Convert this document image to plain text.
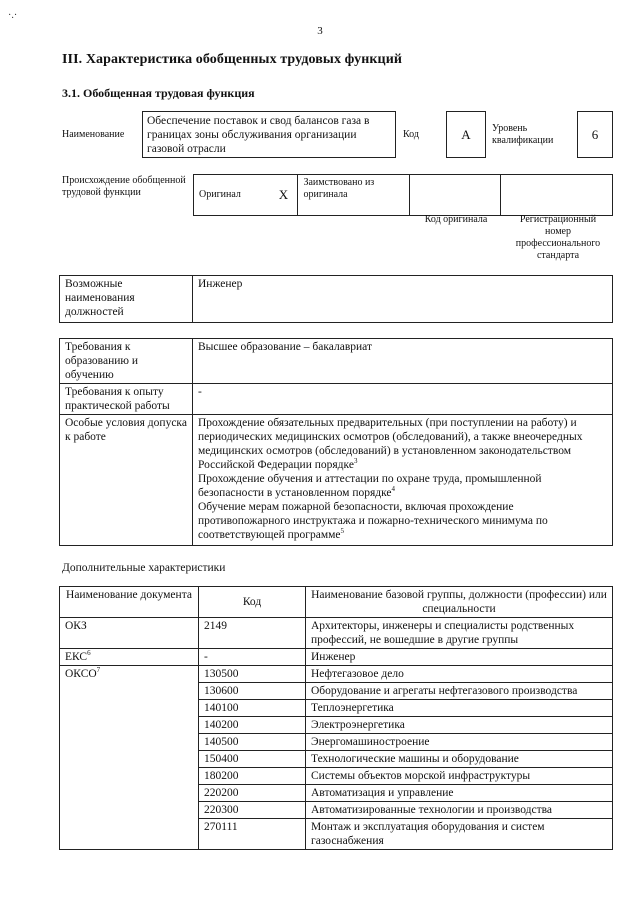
·.·
3
III. Характеристика обобщенных трудовых функций
3.1. Обобщенная трудовая функция
Наименование
Обеспечение поставок и свод балансов газа в границах зоны обслуживания организации газовой отрасли
Код	А	Уровень квалификации	6
Происхождение обобщенной трудовой функции	Оригинал	Х	Заимствовано из оригинала		
Код оригинала	Регистрационный номер профессионального стандарта
Возможные наименования должностей	Инженер
Требования к образованию и обучению	Высшее образование – бакалавриат
Требования к опыту практической работы	-
Особые условия допуска к работе	Прохождение обязательных предварительных (при поступлении на работу) и периодических медицинских осмотров (обследований), а также внеочередных медицинских осмотров (обследований) в установленном законодательством Российской Федерации порядке$^3$
Прохождение обучения и аттестации по охране труда, промышленной безопасности в установленном порядке$^4$
Обучение мерам пожарной безопасности, включая прохождение противопожарного инструктажа и пожарно-технического минимума по соответствующей программе$^5$
Дополнительные характеристики
Наименование документа	Код	Наименование базовой группы, должности (профессии) или специальности
ОКЗ	2149	Архитекторы, инженеры и специалисты родственных профессий, не вошедшие в другие группы
ЕКС$^6$	-	Инженер
ОКСО$^7$	130500	Нефтегазовое дело
	130600	Оборудование и агрегаты нефтегазового производства
	140100	Теплоэнергетика
	140200	Электроэнергетика
	140500	Энергомашиностроение
	150400	Технологические машины и оборудование
	180200	Системы объектов морской инфраструктуры
	220200	Автоматизация и управление
	220300	Автоматизированные технологии и производства
	270111	Монтаж и эксплуатация оборудования и систем газоснабжения
